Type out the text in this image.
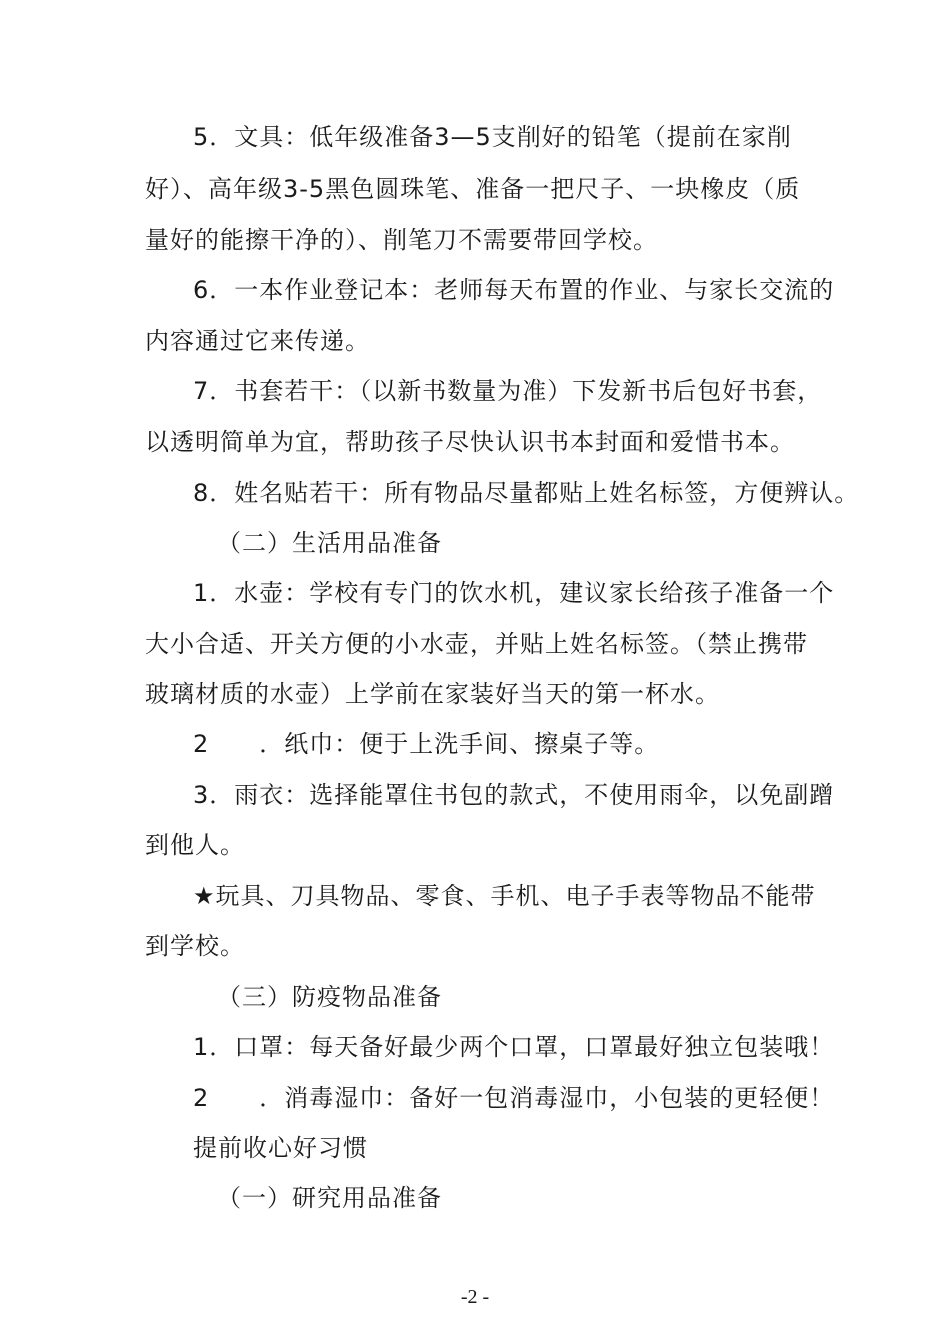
5．文具：低年级准备3—5支削好的铅笔（提前在家削
好）、高年级3-5黑色圆珠笔、准备一把尺子、一块橡皮（质
量好的能擦干净的）、削笔刀不需要带回学校。
6．一本作业登记本：老师每天布置的作业、与家长交流的
内容通过它来传递。
7．书套若干：（以新书数量为准）下发新书后包好书套，
以透明简单为宜，帮助孩子尽快认识书本封面和爱惜书本。
8．姓名贴若干：所有物品尽量都贴上姓名标签，方便辨认。
（二）生活用品准备
1．水壶：学校有专门的饮水机，建议家长给孩子准备一个
大小合适、开关方便的小水壶，并贴上姓名标签。（禁止携带
玻璃材质的水壶）上学前在家装好当天的第一杯水。
2　　．纸巾：便于上洗手间、擦桌子等。
3．雨衣：选择能罩住书包的款式，不使用雨伞，以免副蹭
到他人。
★玩具、刀具物品、零食、手机、电子手表等物品不能带
到学校。
（三）防疫物品准备
1．口罩：每天备好最少两个口罩，口罩最好独立包装哦！
2　　．消毒湿巾：备好一包消毒湿巾，小包装的更轻便！
提前收心好习惯
（一）研究用品准备
-2 -
